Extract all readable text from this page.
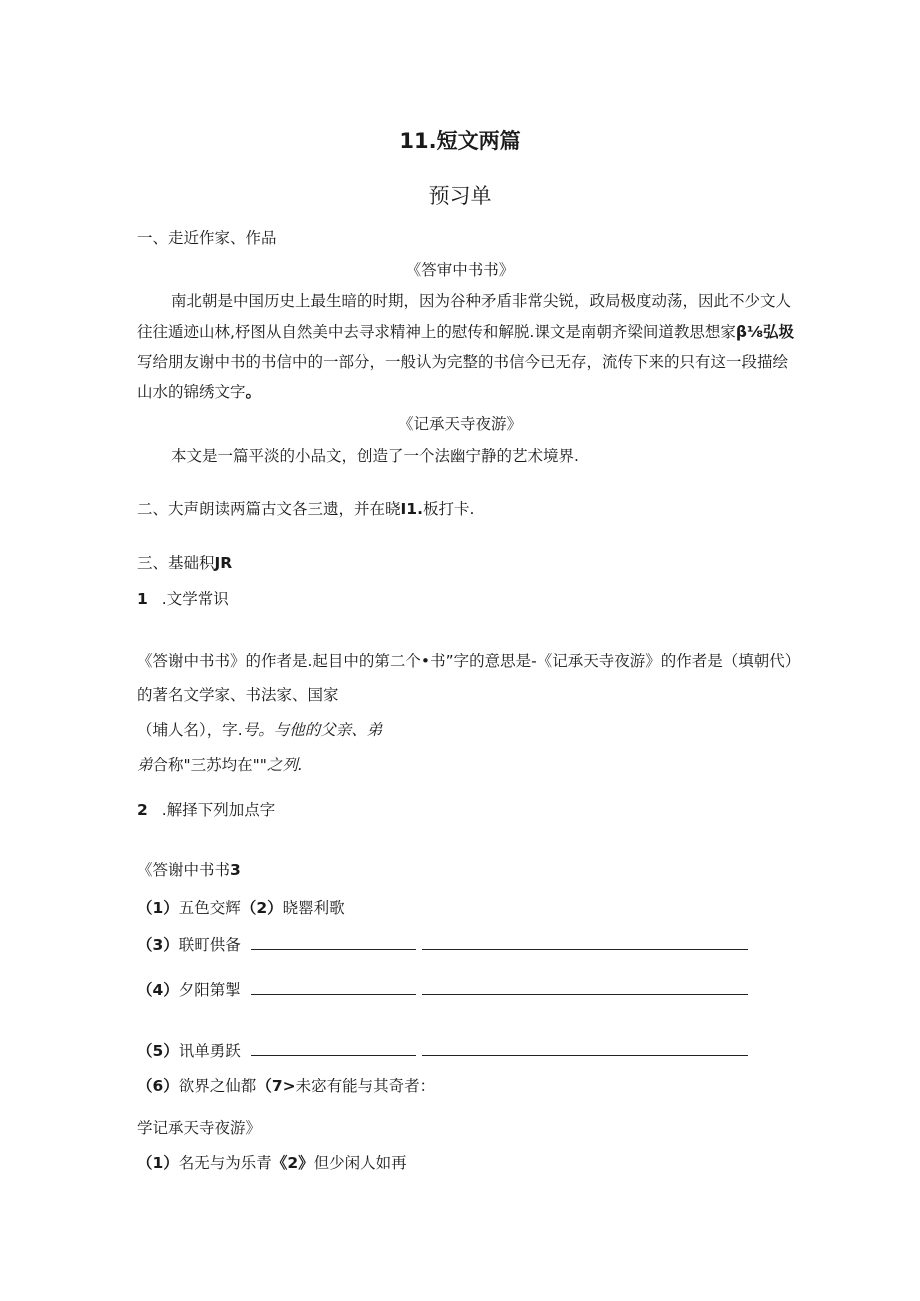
11.短文两篇
预习单
一、走近作家、作品
《答审中书书》
南北朝是中国历史上最生暗的时期，因为谷种矛盾非常尖锐，政局极度动荡，因此不少文人
往往遁迹山林,杼图从自然美中去寻求精神上的慰传和解脱.课文是南朝齐梁间道教思想家β⅛弘圾
写给朋友谢中书的书信中的一部分，一般认为完整的书信今已无存，流传下来的只有这一段描绘
山水的锦绣文字。
《记承天寺夜游》
本文是一篇平淡的小品文，创造了一个法幽宁静的艺术境界.
二、大声朗读两篇古文各三遗，并在晓I1.板打卡.
三、基础积JR
1 .文学常识
《答谢中书书》的作者是.起目中的第二个•书”字的意思是-《记承天寺夜游》的作者是（填朝代）
的著名文学家、书法家、国家
（埔人名），字.号。与他的父亲、弟
弟合称"三苏均在""之列.
2 .解择下列加点字
《答谢中书书3
（1）五色交辉（2）晓罂利歌
（3）联町供备
（4）夕阳第掣
（5）讯单勇跃
（6）欲界之仙都（7>未宓有能与其奇者：
学记承天寺夜游》
（1）名无与为乐青《2》但少闲人如再
